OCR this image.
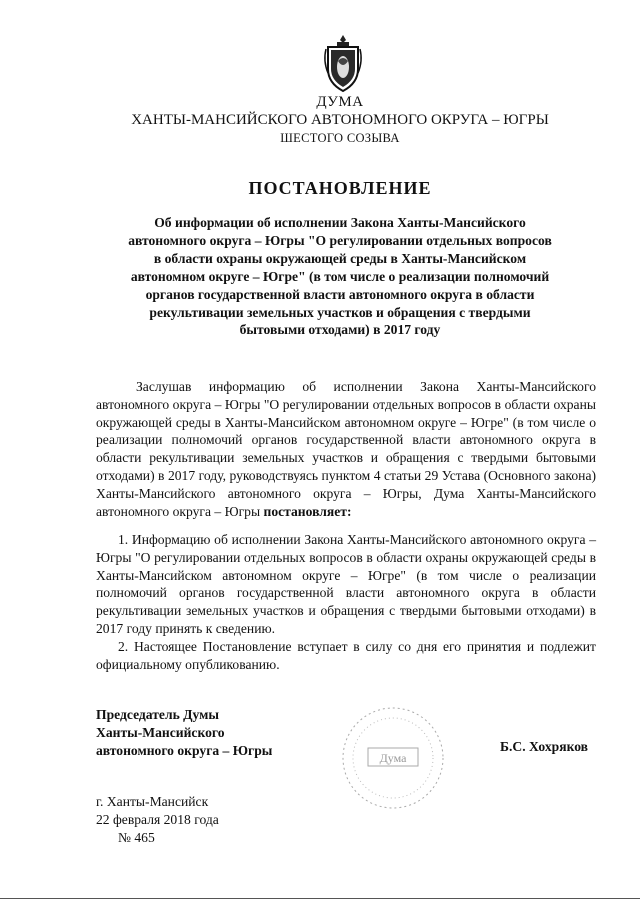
ДУМА
ХАНТЫ-МАНСИЙСКОГО АВТОНОМНОГО ОКРУГА – ЮГРЫ
ШЕСТОГО СОЗЫВА
ПОСТАНОВЛЕНИЕ
Об информации об исполнении Закона Ханты-Мансийского
автономного округа – Югры "О регулировании отдельных вопросов
в области охраны окружающей среды в Ханты-Мансийском
автономном округе – Югре" (в том числе о реализации полномочий
органов государственной власти автономного округа в области
рекультивации земельных участков и обращения с твердыми
бытовыми отходами) в 2017 году
Заслушав информацию об исполнении Закона Ханты-Мансийского автономного округа – Югры "О регулировании отдельных вопросов в области охраны окружающей среды в Ханты-Мансийском автономном округе – Югре" (в том числе о реализации полномочий органов государственной власти автономного округа в области рекультивации земельных участков и обращения с твердыми бытовыми отходами) в 2017 году, руководствуясь пунктом 4 статьи 29 Устава (Основного закона) Ханты-Мансийского автономного округа – Югры, Дума Ханты-Мансийского автономного округа – Югры постановляет:
1. Информацию об исполнении Закона Ханты-Мансийского автономного округа – Югры "О регулировании отдельных вопросов в области охраны окружающей среды в Ханты-Мансийском автономном округе – Югре" (в том числе о реализации полномочий органов государственной власти автономного округа в области рекультивации земельных участков и обращения с твердыми бытовыми отходами) в 2017 году принять к сведению.
2. Настоящее Постановление вступает в силу со дня его принятия и подлежит официальному опубликованию.
Председатель Думы
Ханты-Мансийского
автономного округа – Югры	Дума
Б.С. Хохряков
г. Ханты-Мансийск
22 февраля 2018 года
№ 465
